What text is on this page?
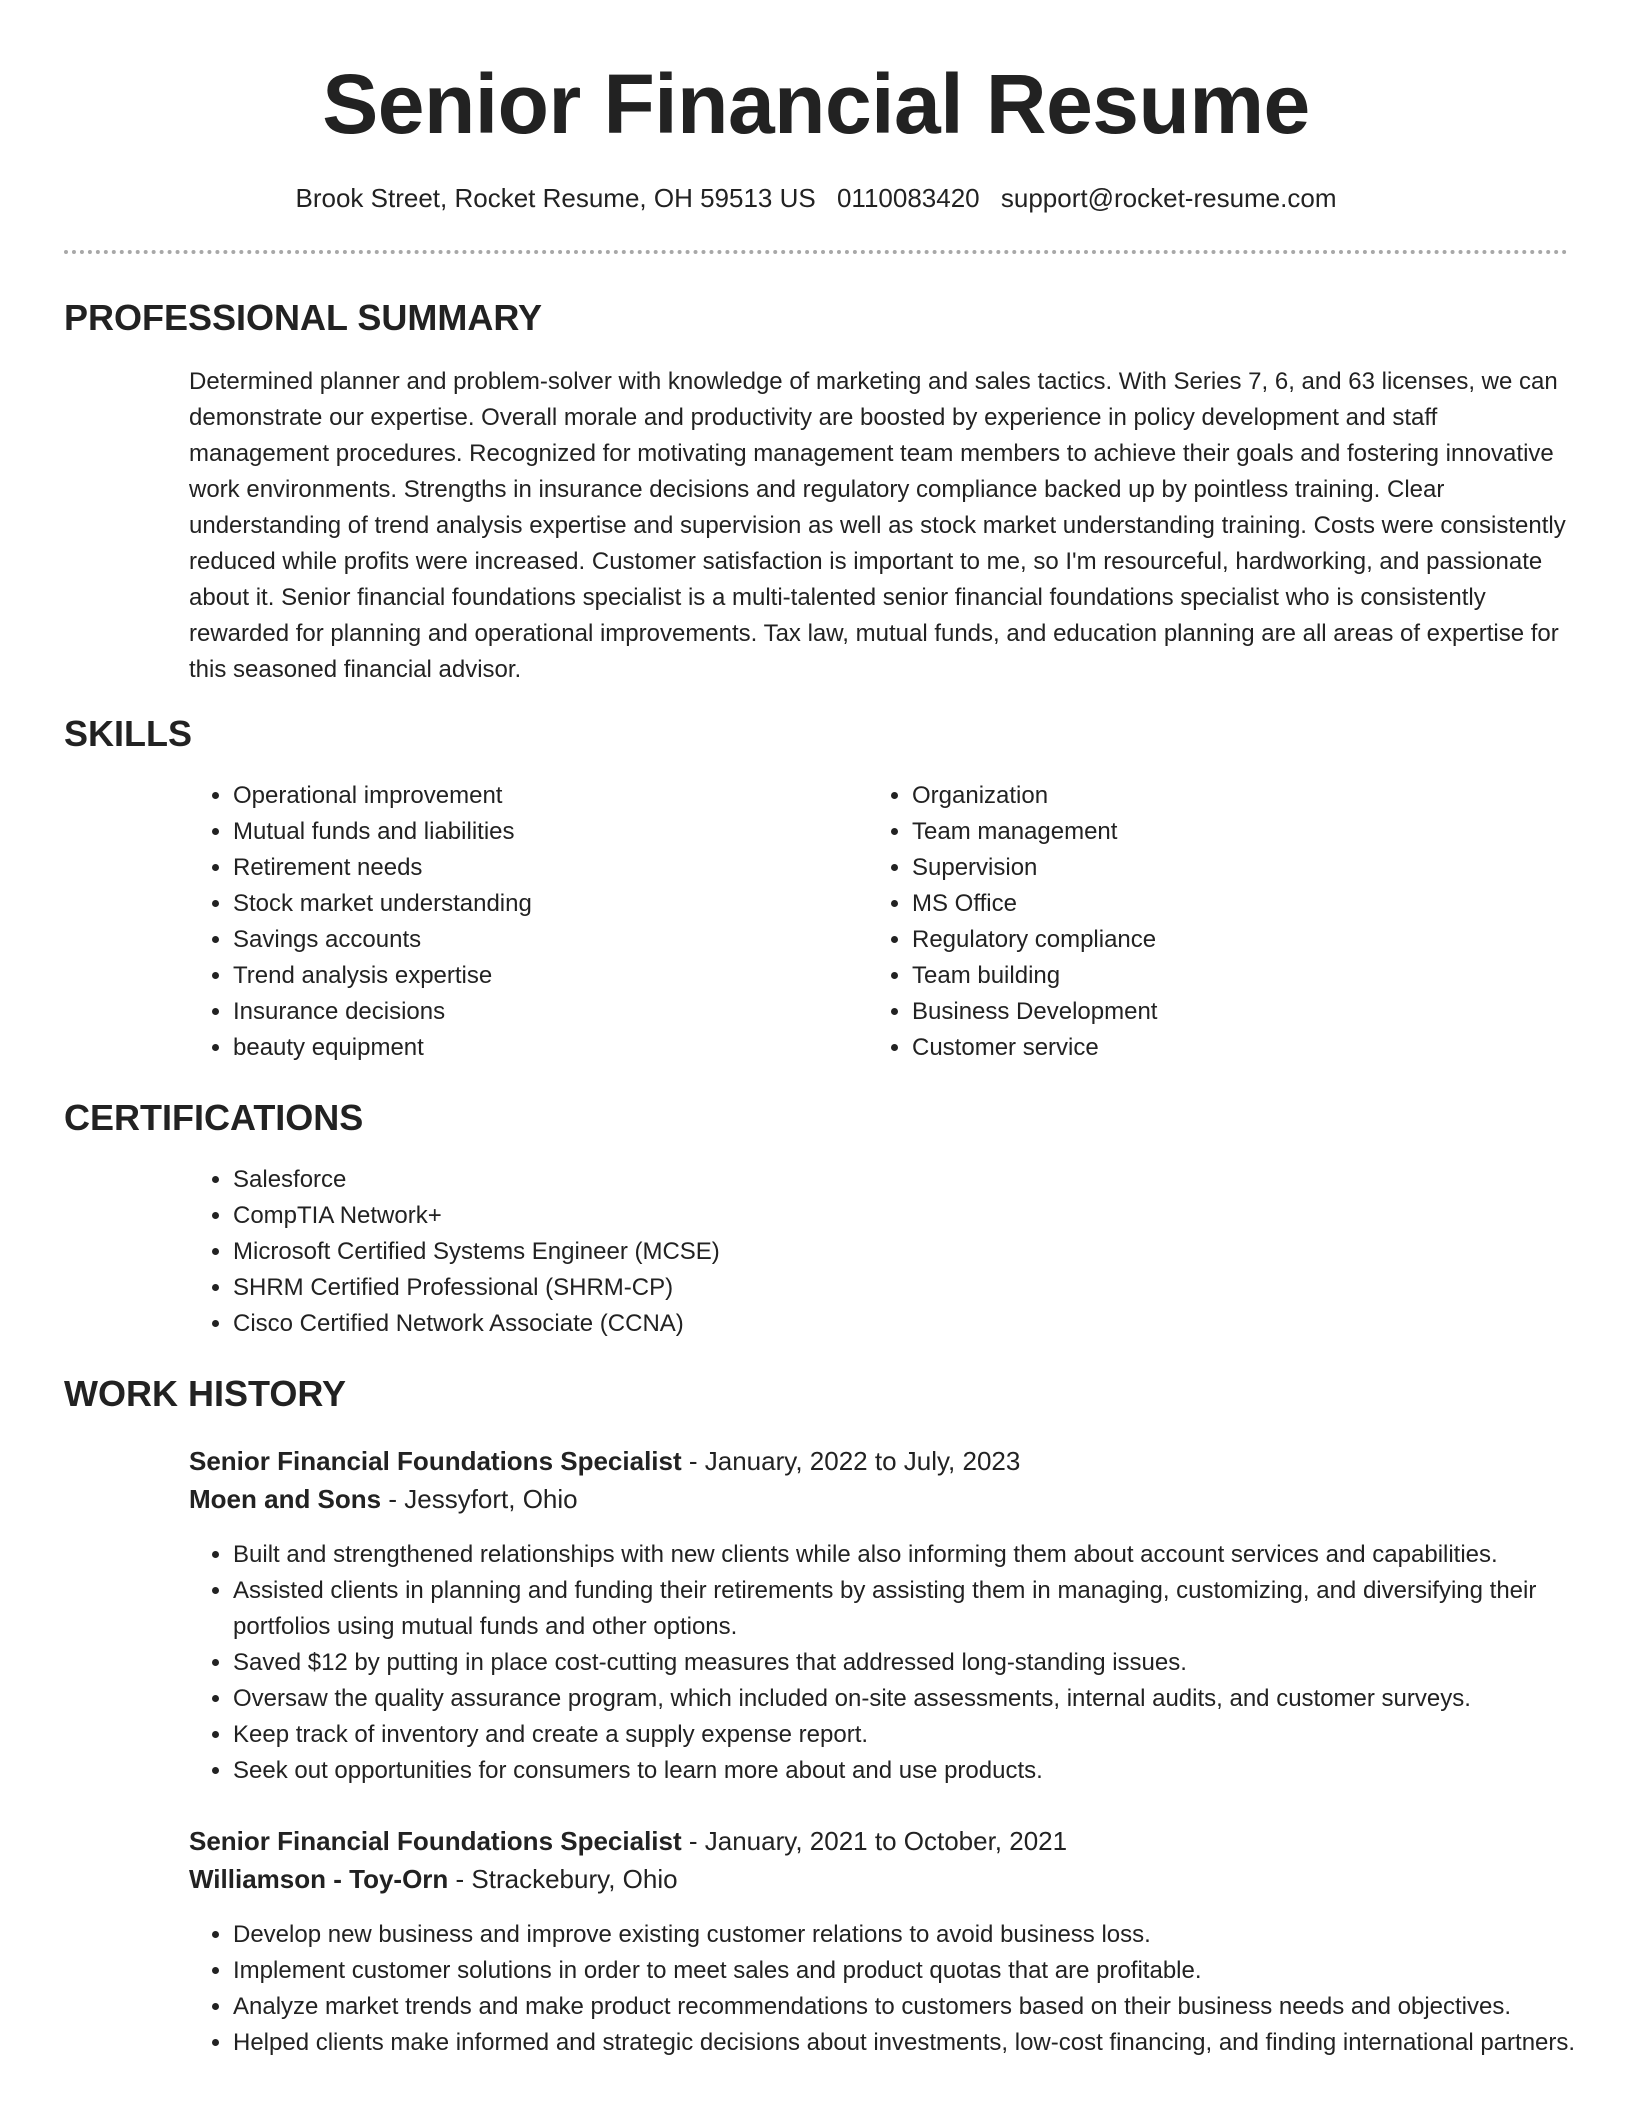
Senior Financial Resume
Brook Street, Rocket Resume, OH 59513 US 0110083420 support@rocket-resume.com
PROFESSIONAL SUMMARY

Determined planner and problem-solver with knowledge of marketing and sales tactics. With Series 7, 6, and 63 licenses, we can demonstrate our expertise. Overall morale and productivity are boosted by experience in policy development and staff management procedures. Recognized for motivating management team members to achieve their goals and fostering innovative work environments. Strengths in insurance decisions and regulatory compliance backed up by pointless training. Clear understanding of trend analysis expertise and supervision as well as stock market understanding training. Costs were consistently reduced while profits were increased. Customer satisfaction is important to me, so I'm resourceful, hardworking, and passionate about it. Senior financial foundations specialist is a multi-talented senior financial foundations specialist who is consistently rewarded for planning and operational improvements. Tax law, mutual funds, and education planning are all areas of expertise for this seasoned financial advisor.

SKILLS
• Operational improvement
• Mutual funds and liabilities
• Retirement needs
• Stock market understanding
• Savings accounts
• Trend analysis expertise
• Insurance decisions
• beauty equipment
• Organization
• Team management
• Supervision
• MS Office
• Regulatory compliance
• Team building
• Business Development
• Customer service
CERTIFICATIONS
• Salesforce
• CompTIA Network+
• Microsoft Certified Systems Engineer (MCSE)
• SHRM Certified Professional (SHRM-CP)
• Cisco Certified Network Associate (CCNA)
WORK HISTORY
Senior Financial Foundations Specialist - January, 2022 to July, 2023
Moen and Sons - Jessyfort, Ohio
• Built and strengthened relationships with new clients while also informing them about account services and capabilities.
• Assisted clients in planning and funding their retirements by assisting them in managing, customizing, and diversifying their portfolios using mutual funds and other options.
• Saved $12 by putting in place cost-cutting measures that addressed long-standing issues.
• Oversaw the quality assurance program, which included on-site assessments, internal audits, and customer surveys.
• Keep track of inventory and create a supply expense report.
• Seek out opportunities for consumers to learn more about and use products.
Senior Financial Foundations Specialist - January, 2021 to October, 2021
Williamson - Toy-Orn - Strackebury, Ohio
• Develop new business and improve existing customer relations to avoid business loss.
• Implement customer solutions in order to meet sales and product quotas that are profitable.
• Analyze market trends and make product recommendations to customers based on their business needs and objectives.
• Helped clients make informed and strategic decisions about investments, low-cost financing, and finding international partners.
